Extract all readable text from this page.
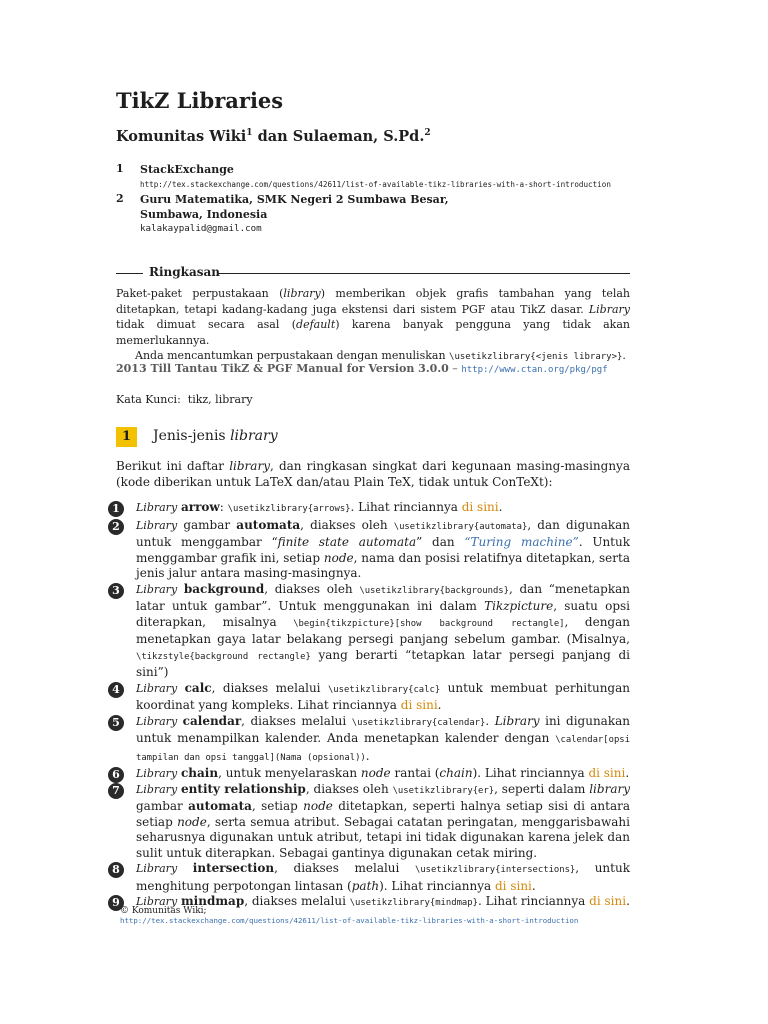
TikZ Libraries
Komunitas Wiki$^1$ dan Sulaeman, S.Pd.$^2$
1 StackExchange
http://tex.stackexchange.com/questions/42611/list-of-available-tikz-libraries-with-a-short-introduction
2 Guru Matematika, SMK Negeri 2 Sumbawa Besar,
Sumbawa, Indonesia
kalakaypalid@gmail.com
Ringkasan

Paket-paket perpustakaan (library) memberikan objek grafis tambahan yang telah ditetapkan, tetapi kadang-kadang juga ekstensi dari sistem PGF atau TikZ dasar. Library tidak dimuat secara asal (default) karena banyak pengguna yang tidak akan memerlukannya.

Anda mencantumkan perpustakaan dengan menuliskan \usetikzlibrary{<jenis library>}.

2013 Till Tantau TikZ & PGF Manual for Version 3.0.0 – http://www.ctan.org/pkg/pgf
Kata Kunci: tikz, library
1	Jenis-jenis library
Berikut ini daftar library, dan ringkasan singkat dari kegunaan masing-masingnya (kode diberikan untuk LaTeX dan/atau Plain TeX, tidak untuk ConTeXt):
1	Library arrow: \usetikzlibrary{arrows}. Lihat rinciannya di sini.
2	Library gambar automata, diakses oleh \usetikzlibrary{automata}, dan digunakan untuk menggambar “finite state automata” dan “Turing machine”. Untuk menggambar grafik ini, setiap node, nama dan posisi relatifnya ditetapkan, serta jenis jalur antara masing-masingnya.
3	Library background, diakses oleh \usetikzlibrary{backgrounds}, dan “menetapkan latar untuk gambar”. Untuk menggunakan ini dalam Tikzpicture, suatu opsi diterapkan, misalnya \begin{tikzpicture}[show background rectangle], dengan menetapkan gaya latar belakang persegi panjang sebelum gambar. (Misalnya, \tikzstyle{background rectangle} yang berarti “tetapkan latar persegi panjang di sini”)
4	Library calc, diakses melalui \usetikzlibrary{calc} untuk membuat perhitungan koordinat yang kompleks. Lihat rinciannya di sini.
5	Library calendar, diakses melalui \usetikzlibrary{calendar}. Library ini digunakan untuk menampilkan kalender. Anda menetapkan kalender dengan \calendar[opsi tampilan dan opsi tanggal](Nama (opsional)).
6	Library chain, untuk menyelaraskan node rantai (chain). Lihat rinciannya di sini.
7	Library entity relationship, diakses oleh \usetikzlibrary{er}, seperti dalam library gambar automata, setiap node ditetapkan, seperti halnya setiap sisi di antara setiap node, serta semua atribut. Sebagai catatan peringatan, menggarisbawahi seharusnya digunakan untuk atribut, tetapi ini tidak digunakan karena jelek dan sulit untuk diterapkan. Sebagai gantinya digunakan cetak miring.
8	Library intersection, diakses melalui \usetikzlibrary{intersections}, untuk menghitung perpotongan lintasan (path). Lihat rinciannya di sini.
9	Library mindmap, diakses melalui \usetikzlibrary{mindmap}. Lihat rinciannya di sini.
© Komunitas Wiki;
http://tex.stackexchange.com/questions/42611/list-of-available-tikz-libraries-with-a-short-introduction
